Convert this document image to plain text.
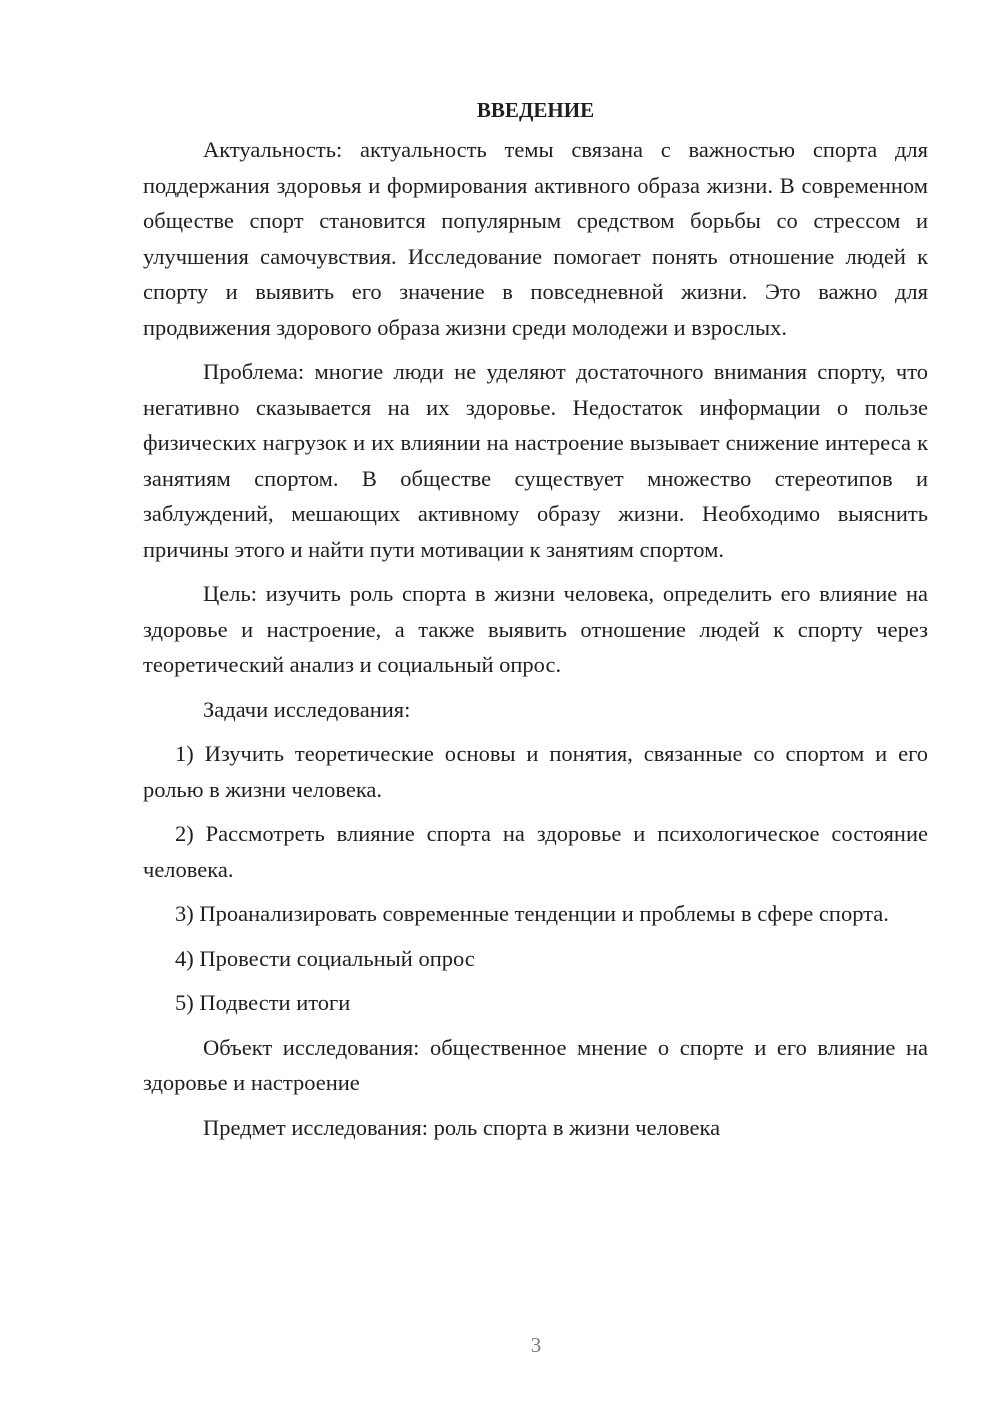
ВВЕДЕНИЕ

Актуальность: актуальность темы связана с важностью спорта для поддержания здоровья и формирования активного образа жизни. В современном обществе спорт становится популярным средством борьбы со стрессом и улучшения самочувствия. Исследование помогает понять отношение людей к спорту и выявить его значение в повседневной жизни. Это важно для продвижения здорового образа жизни среди молодежи и взрослых.

Проблема: многие люди не уделяют достаточного внимания спорту, что негативно сказывается на их здоровье. Недостаток информации о пользе физических нагрузок и их влиянии на настроение вызывает снижение интереса к занятиям спортом. В обществе существует множество стереотипов и заблуждений, мешающих активному образу жизни. Необходимо выяснить причины этого и найти пути мотивации к занятиям спортом.

Цель: изучить роль спорта в жизни человека, определить его влияние на здоровье и настроение, а также выявить отношение людей к спорту через теоретический анализ и социальный опрос.

Задачи исследования:

1) Изучить теоретические основы и понятия, связанные со спортом и его ролью в жизни человека.

2) Рассмотреть влияние спорта на здоровье и психологическое состояние человека.

3) Проанализировать современные тенденции и проблемы в сфере спорта.

4) Провести социальный опрос

5) Подвести итоги

Объект исследования: общественное мнение о спорте и его влияние на здоровье и настроение

Предмет исследования: роль спорта в жизни человека

3
